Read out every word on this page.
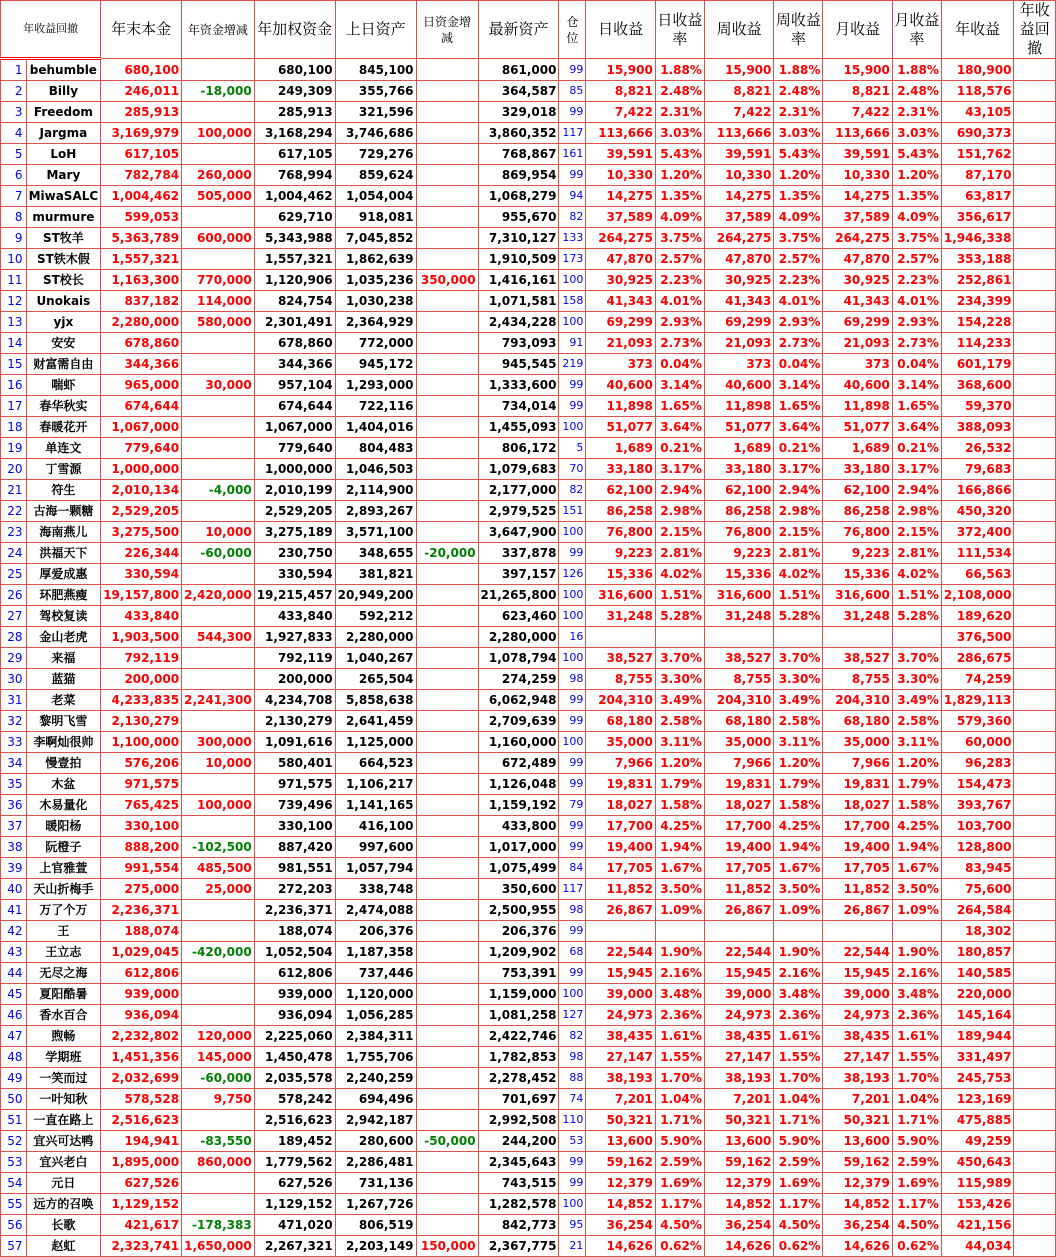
年收益回撤		年末本金	年资金增减	年加权资金	上日资产	日资金增减	最新资产	仓位	日收益	日收益率	周收益	周收益率	月收益	月收益率	年收益	年收益回撤
1	behumble	680,100		680,100	845,100		861,000	99	15,900	1.88%	15,900	1.88%	15,900	1.88%	180,900	
2	Billy	246,011	-18,000	249,309	355,766		364,587	85	8,821	2.48%	8,821	2.48%	8,821	2.48%	118,576	
3	Freedom	285,913		285,913	321,596		329,018	99	7,422	2.31%	7,422	2.31%	7,422	2.31%	43,105	
4	Jargma	3,169,979	100,000	3,168,294	3,746,686		3,860,352	117	113,666	3.03%	113,666	3.03%	113,666	3.03%	690,373	
5	LoH	617,105		617,105	729,276		768,867	161	39,591	5.43%	39,591	5.43%	39,591	5.43%	151,762	
6	Mary	782,784	260,000	768,994	859,624		869,954	99	10,330	1.20%	10,330	1.20%	10,330	1.20%	87,170	
7	MiwaSALC	1,004,462	505,000	1,004,462	1,054,004		1,068,279	94	14,275	1.35%	14,275	1.35%	14,275	1.35%	63,817	
8	murmure	599,053		629,710	918,081		955,670	82	37,589	4.09%	37,589	4.09%	37,589	4.09%	356,617	
9	ST牧羊	5,363,789	600,000	5,343,988	7,045,852		7,310,127	133	264,275	3.75%	264,275	3.75%	264,275	3.75%	1,946,338	
10	ST铁木假	1,557,321		1,557,321	1,862,639		1,910,509	173	47,870	2.57%	47,870	2.57%	47,870	2.57%	353,188	
11	ST校长	1,163,300	770,000	1,120,906	1,035,236	350,000	1,416,161	100	30,925	2.23%	30,925	2.23%	30,925	2.23%	252,861	
12	Unokais	837,182	114,000	824,754	1,030,238		1,071,581	158	41,343	4.01%	41,343	4.01%	41,343	4.01%	234,399	
13	yjx	2,280,000	580,000	2,301,491	2,364,929		2,434,228	100	69,299	2.93%	69,299	2.93%	69,299	2.93%	154,228	
14	安安	678,860		678,860	772,000		793,093	91	21,093	2.73%	21,093	2.73%	21,093	2.73%	114,233	
15	财富需自由	344,366		344,366	945,172		945,545	219	373	0.04%	373	0.04%	373	0.04%	601,179	
16	喘虾	965,000	30,000	957,104	1,293,000		1,333,600	99	40,600	3.14%	40,600	3.14%	40,600	3.14%	368,600	
17	春华秋实	674,644		674,644	722,116		734,014	99	11,898	1.65%	11,898	1.65%	11,898	1.65%	59,370	
18	春暖花开	1,067,000		1,067,000	1,404,016		1,455,093	100	51,077	3.64%	51,077	3.64%	51,077	3.64%	388,093	
19	单连文	779,640		779,640	804,483		806,172	5	1,689	0.21%	1,689	0.21%	1,689	0.21%	26,532	
20	丁雪源	1,000,000		1,000,000	1,046,503		1,079,683	70	33,180	3.17%	33,180	3.17%	33,180	3.17%	79,683	
21	符生	2,010,134	-4,000	2,010,199	2,114,900		2,177,000	82	62,100	2.94%	62,100	2.94%	62,100	2.94%	166,866	
22	古海一颗糖	2,529,205		2,529,205	2,893,267		2,979,525	151	86,258	2.98%	86,258	2.98%	86,258	2.98%	450,320	
23	海南燕儿	3,275,500	10,000	3,275,189	3,571,100		3,647,900	100	76,800	2.15%	76,800	2.15%	76,800	2.15%	372,400	
24	洪福天下	226,344	-60,000	230,750	348,655	-20,000	337,878	99	9,223	2.81%	9,223	2.81%	9,223	2.81%	111,534	
25	厚爱成惠	330,594		330,594	381,821		397,157	126	15,336	4.02%	15,336	4.02%	15,336	4.02%	66,563	
26	环肥燕瘦	19,157,800	2,420,000	19,215,457	20,949,200		21,265,800	100	316,600	1.51%	316,600	1.51%	316,600	1.51%	2,108,000	
27	驾校复读	433,840		433,840	592,212		623,460	100	31,248	5.28%	31,248	5.28%	31,248	5.28%	189,620	
28	金山老虎	1,903,500	544,300	1,927,833	2,280,000		2,280,000	16							376,500	
29	来福	792,119		792,119	1,040,267		1,078,794	100	38,527	3.70%	38,527	3.70%	38,527	3.70%	286,675	
30	蓝猫	200,000		200,000	265,504		274,259	98	8,755	3.30%	8,755	3.30%	8,755	3.30%	74,259	
31	老菜	4,233,835	2,241,300	4,234,708	5,858,638		6,062,948	99	204,310	3.49%	204,310	3.49%	204,310	3.49%	1,829,113	
32	黎明飞雪	2,130,279		2,130,279	2,641,459		2,709,639	99	68,180	2.58%	68,180	2.58%	68,180	2.58%	579,360	
33	李啊灿很帅	1,100,000	300,000	1,091,616	1,125,000		1,160,000	100	35,000	3.11%	35,000	3.11%	35,000	3.11%	60,000	
34	慢壹拍	576,206	10,000	580,401	664,523		672,489	99	7,966	1.20%	7,966	1.20%	7,966	1.20%	96,283	
35	木盆	971,575		971,575	1,106,217		1,126,048	99	19,831	1.79%	19,831	1.79%	19,831	1.79%	154,473	
36	木易量化	765,425	100,000	739,496	1,141,165		1,159,192	79	18,027	1.58%	18,027	1.58%	18,027	1.58%	393,767	
37	暖阳杨	330,100		330,100	416,100		433,800	99	17,700	4.25%	17,700	4.25%	17,700	4.25%	103,700	
38	阮橙子	888,200	-102,500	887,420	997,600		1,017,000	99	19,400	1.94%	19,400	1.94%	19,400	1.94%	128,800	
39	上官雅萱	991,554	485,500	981,551	1,057,794		1,075,499	84	17,705	1.67%	17,705	1.67%	17,705	1.67%	83,945	
40	天山折梅手	275,000	25,000	272,203	338,748		350,600	117	11,852	3.50%	11,852	3.50%	11,852	3.50%	75,600	
41	万了个万	2,236,371		2,236,371	2,474,088		2,500,955	98	26,867	1.09%	26,867	1.09%	26,867	1.09%	264,584	
42	王	188,074		188,074	206,376		206,376	99							18,302	
43	王立志	1,029,045	-420,000	1,052,504	1,187,358		1,209,902	68	22,544	1.90%	22,544	1.90%	22,544	1.90%	180,857	
44	无尽之海	612,806		612,806	737,446		753,391	99	15,945	2.16%	15,945	2.16%	15,945	2.16%	140,585	
45	夏阳酷暑	939,000		939,000	1,120,000		1,159,000	100	39,000	3.48%	39,000	3.48%	39,000	3.48%	220,000	
46	香水百合	936,094		936,094	1,056,285		1,081,258	127	24,973	2.36%	24,973	2.36%	24,973	2.36%	145,164	
47	煦畅	2,232,802	120,000	2,225,060	2,384,311		2,422,746	82	38,435	1.61%	38,435	1.61%	38,435	1.61%	189,944	
48	学期班	1,451,356	145,000	1,450,478	1,755,706		1,782,853	98	27,147	1.55%	27,147	1.55%	27,147	1.55%	331,497	
49	一笑而过	2,032,699	-60,000	2,035,578	2,240,259		2,278,452	88	38,193	1.70%	38,193	1.70%	38,193	1.70%	245,753	
50	一叶知秋	578,528	9,750	578,242	694,496		701,697	74	7,201	1.04%	7,201	1.04%	7,201	1.04%	123,169	
51	一直在路上	2,516,623		2,516,623	2,942,187		2,992,508	110	50,321	1.71%	50,321	1.71%	50,321	1.71%	475,885	
52	宜兴可达鸭	194,941	-83,550	189,452	280,600	-50,000	244,200	53	13,600	5.90%	13,600	5.90%	13,600	5.90%	49,259	
53	宜兴老白	1,895,000	860,000	1,779,562	2,286,481		2,345,643	99	59,162	2.59%	59,162	2.59%	59,162	2.59%	450,643	
54	元日	627,526		627,526	731,136		743,515	99	12,379	1.69%	12,379	1.69%	12,379	1.69%	115,989	
55	远方的召唤	1,129,152		1,129,152	1,267,726		1,282,578	100	14,852	1.17%	14,852	1.17%	14,852	1.17%	153,426	
56	长歌	421,617	-178,383	471,020	806,519		842,773	95	36,254	4.50%	36,254	4.50%	36,254	4.50%	421,156	
57	赵虹	2,323,741	1,650,000	2,267,321	2,203,149	150,000	2,367,775	21	14,626	0.62%	14,626	0.62%	14,626	0.62%	44,034	
